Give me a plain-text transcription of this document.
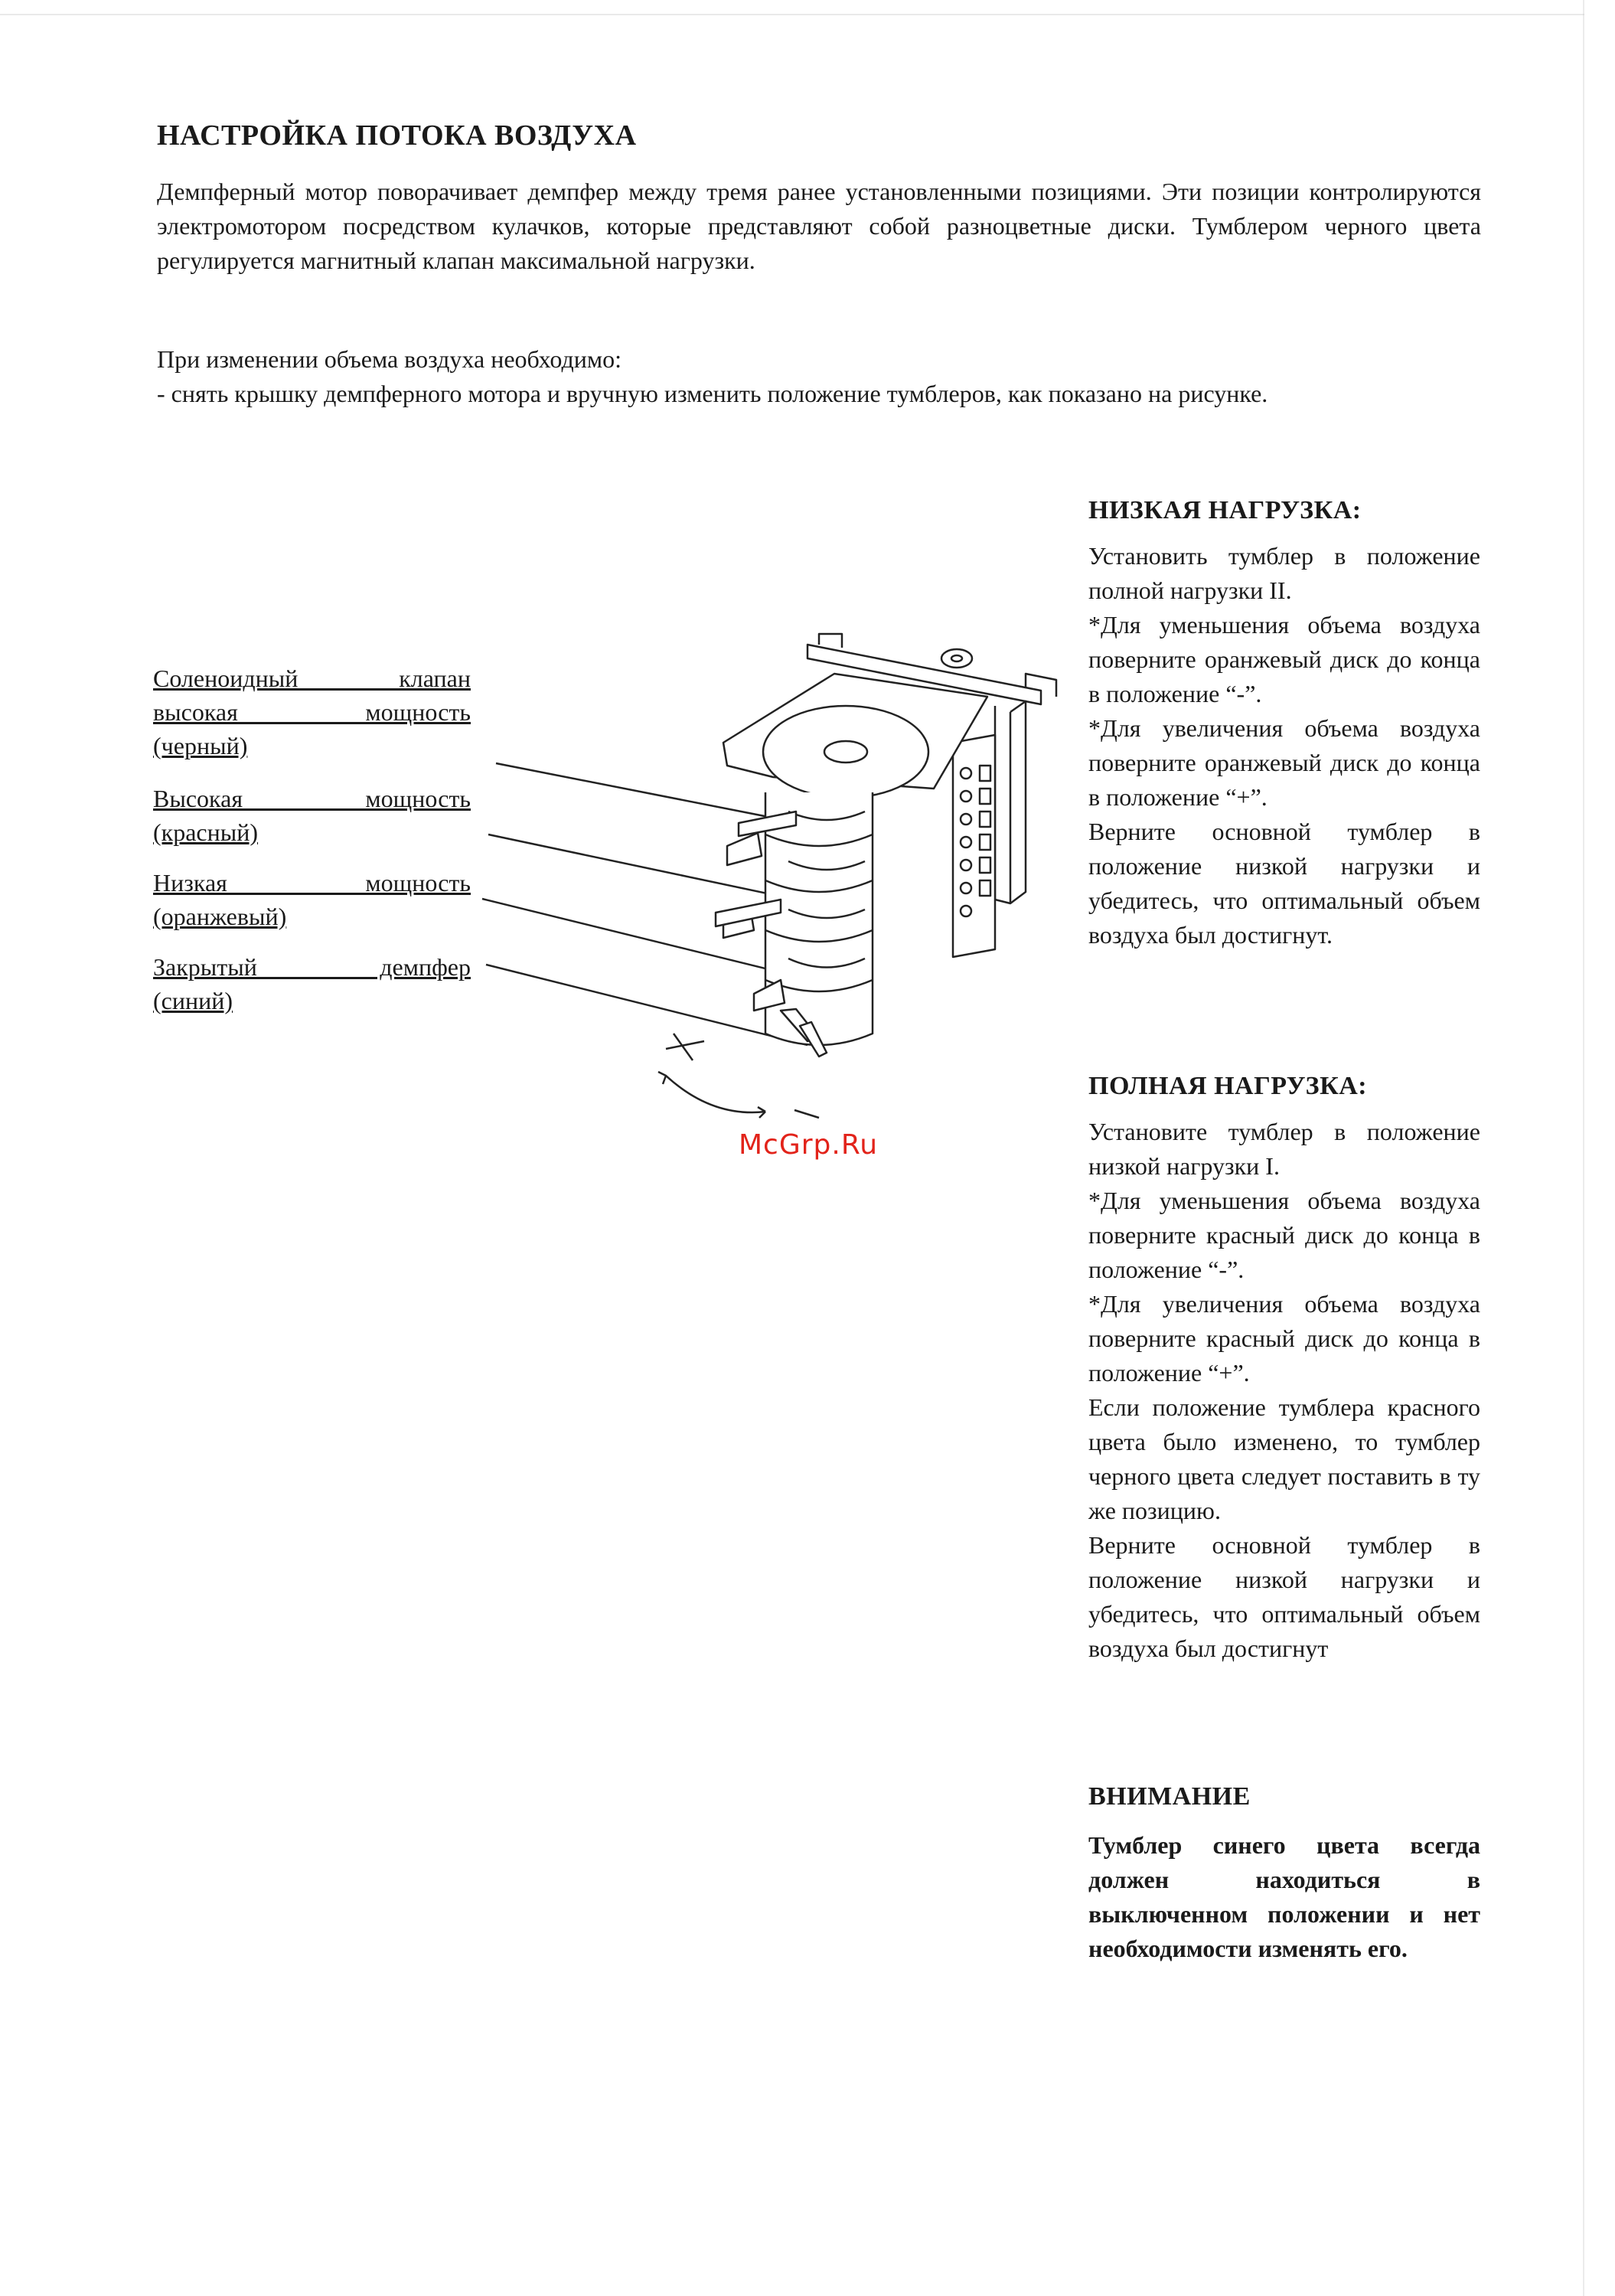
НАСТРОЙКА ПОТОКА ВОЗДУХА

Демпферный мотор поворачивает демпфер между тремя ранее установленными позициями. Эти позиции контролируются электромотором посредством кулачков, которые представляют собой разноцветные диски. Тумблером черного цвета регулируется магнитный клапан максимальной нагрузки.

При изменении объема воздуха необходимо:
- снять крышку демпферного мотора и вручную изменить положение тумблеров, как показано на рисунке.

Соленоидный клапан
высокая мощность
(черный)
Высокая мощность
(красный)
Низкая мощность
(оранжевый)
Закрытый демпфер
(синий)
McGrp.Ru
НИЗКАЯ НАГРУЗКА:

Установить тумблер в положение полной нагрузки II.

*Для уменьшения объема воздуха поверните оранжевый диск до конца в положение “-”.

*Для увеличения объема воздуха поверните оранжевый диск до конца в положение “+”.

Верните основной тумблер в положение низкой нагрузки и убедитесь, что оптимальный объем воздуха был достигнут.

ПОЛНАЯ НАГРУЗКА:

Установите тумблер в положение низкой нагрузки I.

*Для уменьшения объема воздуха поверните красный диск до конца в положение “-”.

*Для увеличения объема воздуха поверните красный диск до конца в положение “+”.

Если положение тумблера красного цвета было изменено, то тумблер черного цвета следует поставить в ту же позицию.

Верните основной тумблер в положение низкой нагрузки и убедитесь, что оптимальный объем воздуха был достигнут

ВНИМАНИЕ

Тумблер синего цвета всегда должен находиться в выключенном положении и нет необходимости изменять его.
